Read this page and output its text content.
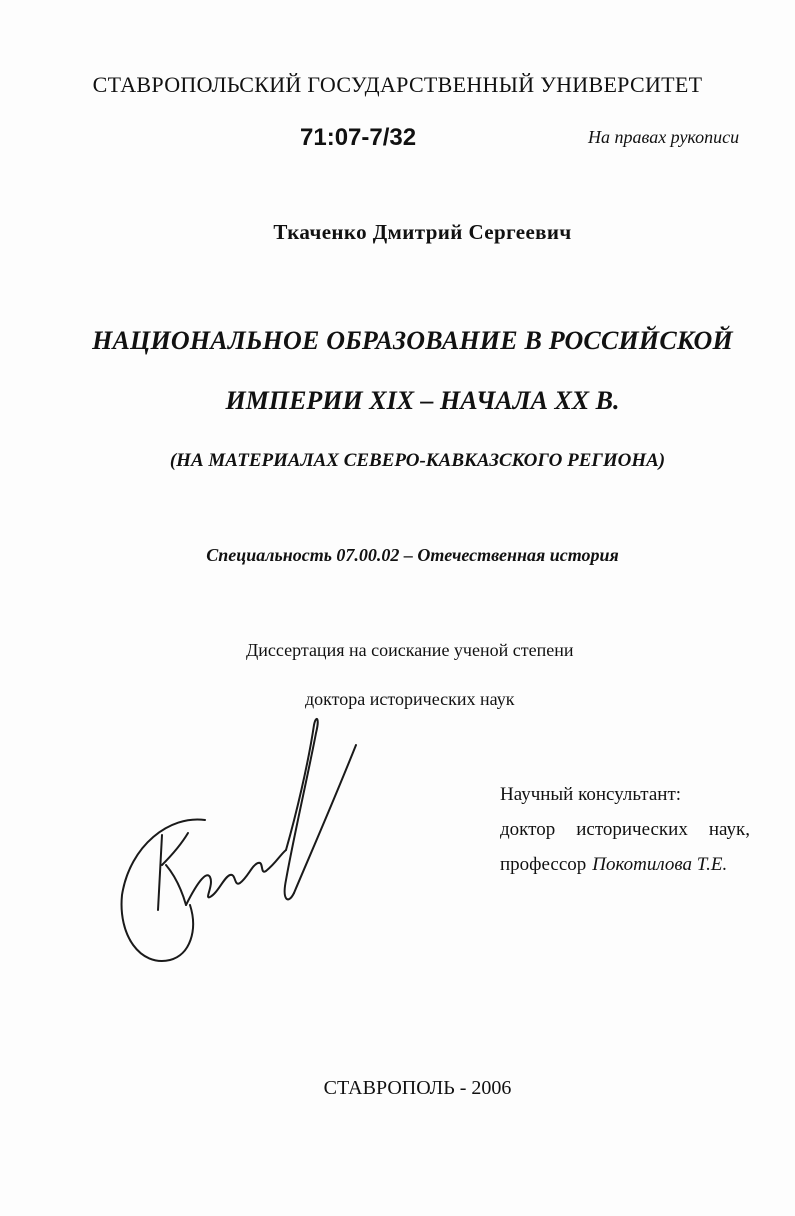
СТАВРОПОЛЬСКИЙ ГОСУДАРСТВЕННЫЙ УНИВЕРСИТЕТ
71:07-7/32	На правах рукописи
Ткаченко Дмитрий Сергеевич
НАЦИОНАЛЬНОЕ ОБРАЗОВАНИЕ В РОССИЙСКОЙ
ИМПЕРИИ XIX – НАЧАЛА XX В.
(НА МАТЕРИАЛАХ СЕВЕРО-КАВКАЗСКОГО РЕГИОНА)
Специальность 07.00.02 – Отечественная история
Диссертация на соискание ученой степени
доктора исторических наук
Научный консультант:
доктор исторических наук,
профессор Покотилова Т.Е.
СТАВРОПОЛЬ - 2006
